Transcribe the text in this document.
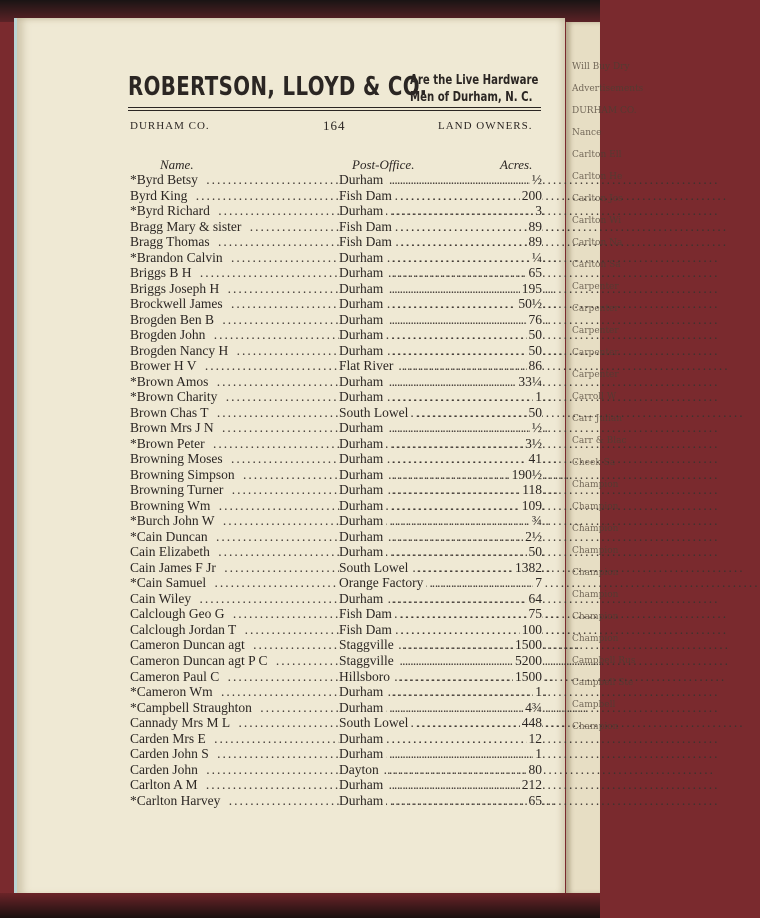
Will Buy Dry
Advertisements
DURHAM CO.
Nance
Carlton Ell
Carlton He
Carlton Jos
Carlton Wi
Carlton Na
Carlton Sa
Carpenter
Carpenter
Carpenter
Carpenter
Carpenter
Carroll W
Carr Julian
Carr & Blac
Cheek Sa
Champion
Champion
Champion
Champion
Champion
Champion
Champion
Champion
Campbell Rus
Campbell Ste
Campbell
Champion
ROBERTSON, LLOYD & CO.
Are the Live Hardware
Men of Durham, N. C.
DURHAM CO.	164	LAND OWNERS.
Name.	Post-Office.	Acres.
*Byrd Betsy .....	Durham .....	½
Byrd King .....	Fish Dam .....	200
*Byrd Richard .....	Durham .....	3
Bragg Mary & sister .....	Fish Dam .....	89
Bragg Thomas .....	Fish Dam .....	89
*Brandon Calvin .....	Durham .....	¼
Briggs B H .....	Durham .....	65
Briggs Joseph H .....	Durham .....	195
Brockwell James .....	Durham .....	50½
Brogden Ben B .....	Durham .....	76
Brogden John .....	Durham .....	50
Brogden Nancy H .....	Durham .....	50
Brower H V .....	Flat River .....	86
*Brown Amos .....	Durham .....	33¼
*Brown Charity .....	Durham .....	1
Brown Chas T .....	South Lowel .....	50
Brown Mrs J N .....	Durham .....	½
*Brown Peter .....	Durham .....	3½
Browning Moses .....	Durham .....	41
Browning Simpson .....	Durham .....	190½
Browning Turner .....	Durham .....	118
Browning Wm .....	Durham .....	109
*Burch John W .....	Durham .....	¾
*Cain Duncan .....	Durham .....	2½
Cain Elizabeth .....	Durham .....	50
Cain James F Jr .....	South Lowel .....	1382
*Cain Samuel .....	Orange Factory .....	7
Cain Wiley .....	Durham .....	64
Calclough Geo G .....	Fish Dam .....	75
Calclough Jordan T .....	Fish Dam .....	100
Cameron Duncan agt .....	Staggville .....	1500
Cameron Duncan agt P C .....	Staggville .....	5200
Cameron Paul C .....	Hillsboro .....	1500
*Cameron Wm .....	Durham .....	1
*Campbell Straughton .....	Durham .....	4¾
Cannady Mrs M L .....	South Lowel .....	448
Carden Mrs E .....	Durham .....	12
Carden John S .....	Durham .....	1
Carden John .....	Dayton .....	80
Carlton A M .....	Durham .....	212
*Carlton Harvey .....	Durham .....	65
